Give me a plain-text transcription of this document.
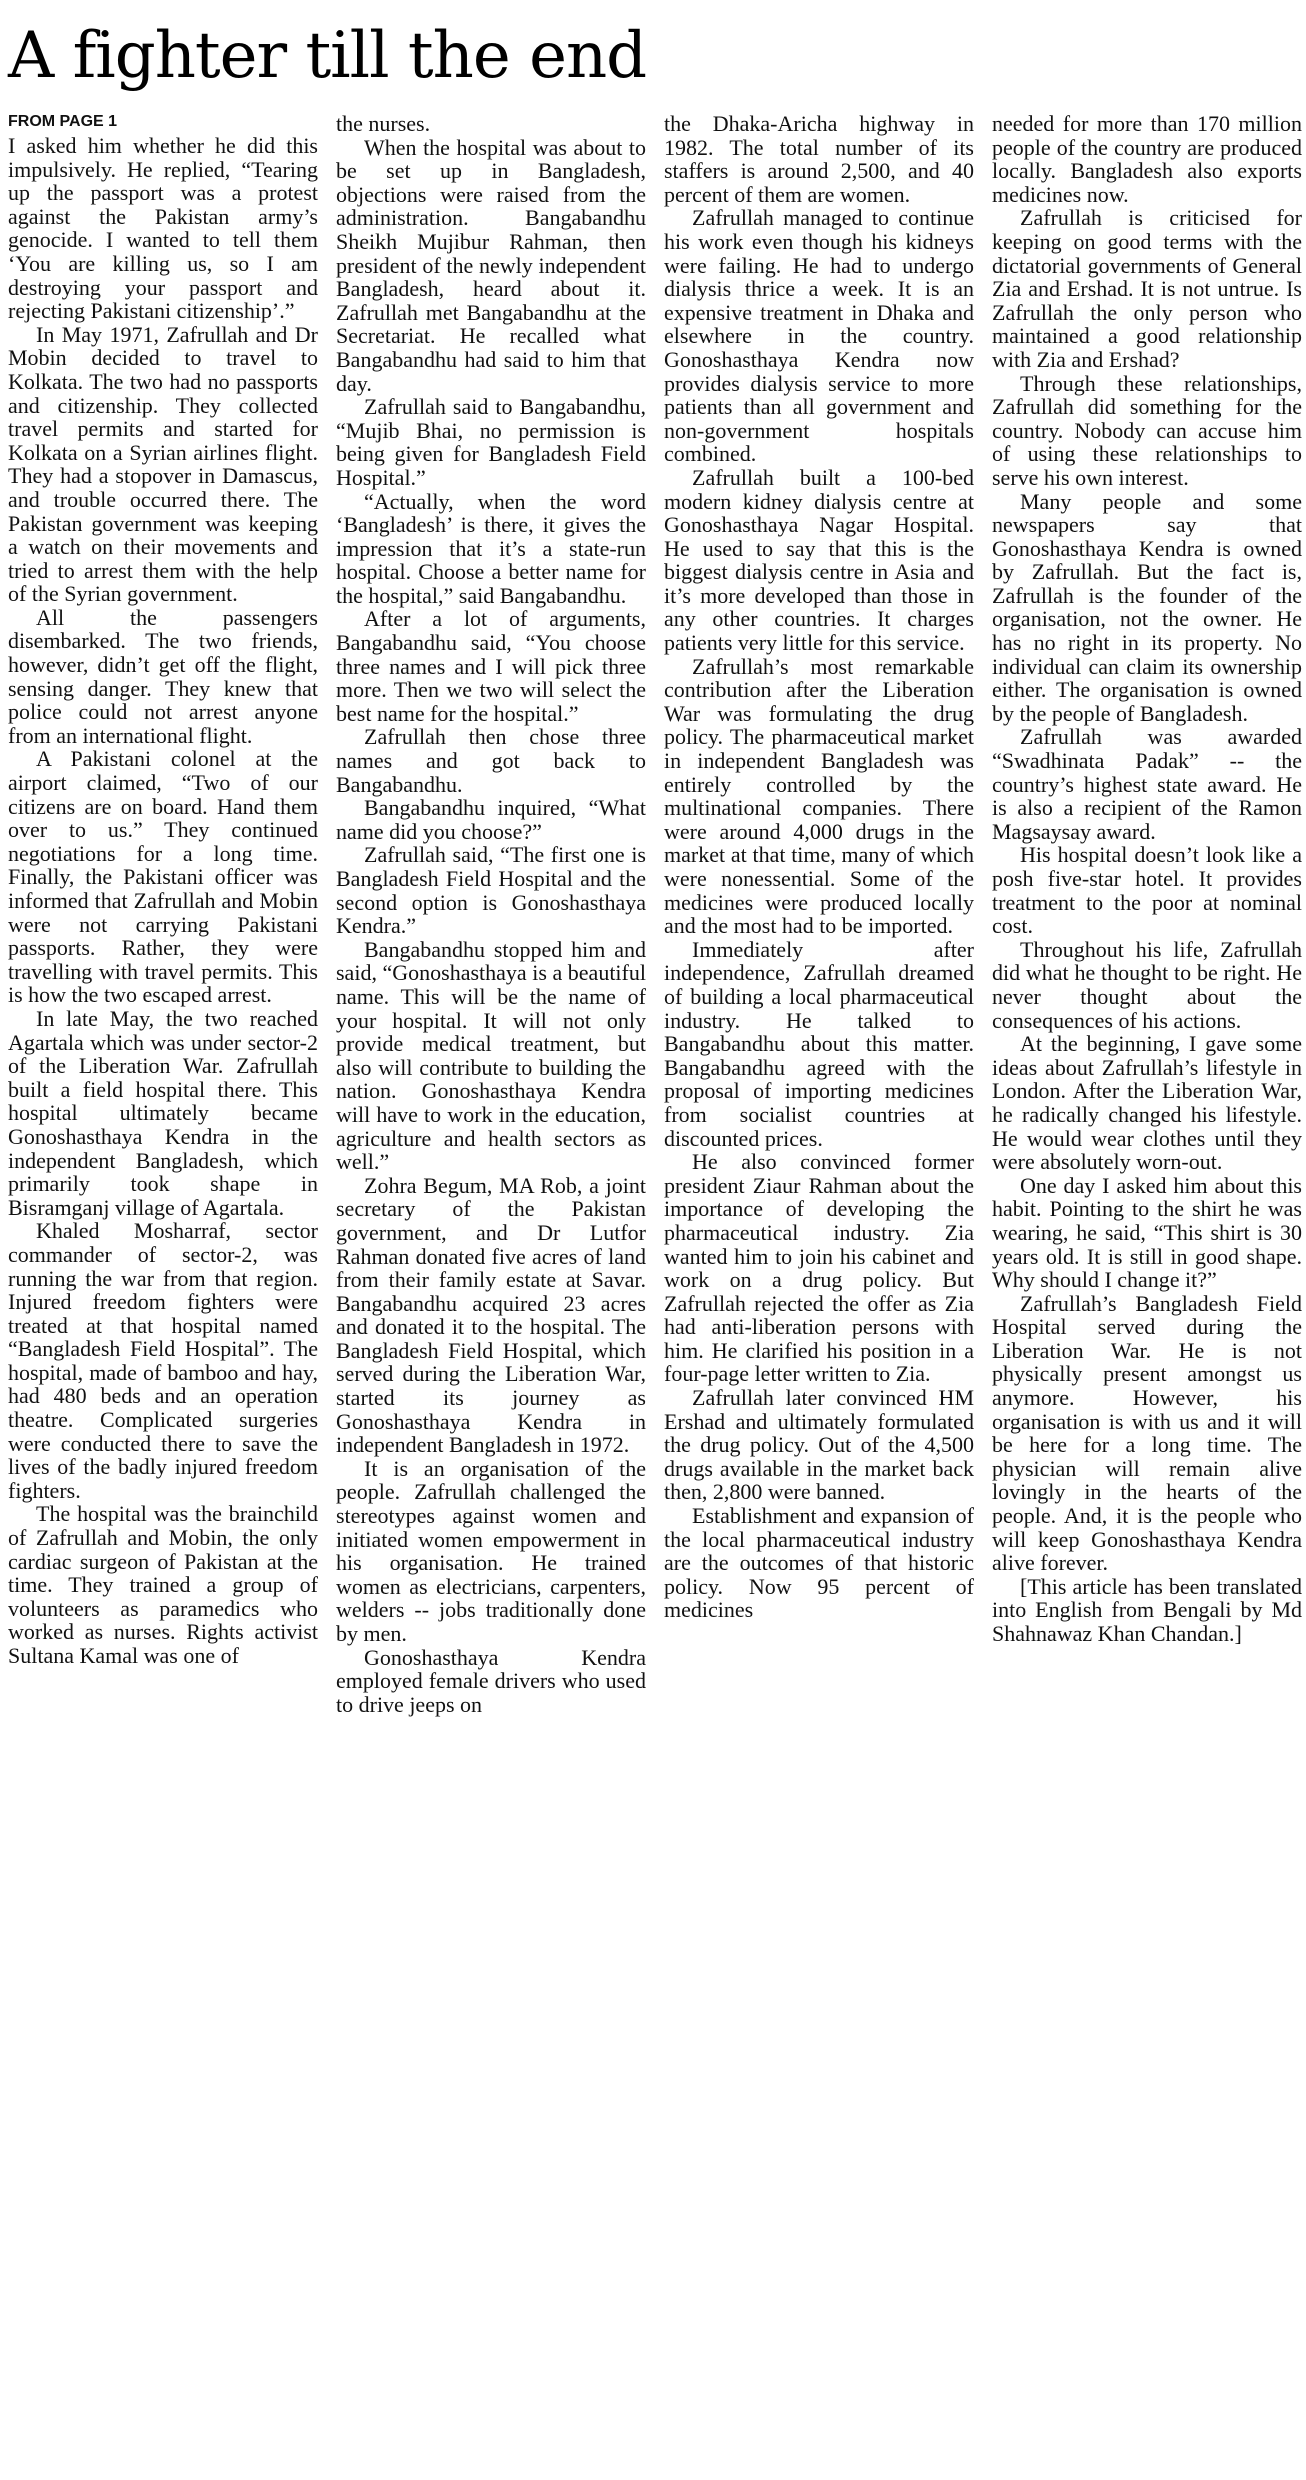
A fighter till the end
FROM PAGE 1

I asked him whether he did this impulsively. He replied, “Tearing up the passport was a protest against the Pakistan army’s genocide. I wanted to tell them ‘You are killing us, so I am destroying your passport and rejecting Pakistani citizenship’.”

In May 1971, Zafrullah and Dr Mobin decided to travel to Kolkata. The two had no passports and citizenship. They collected travel permits and started for Kolkata on a Syrian airlines flight. They had a stopover in Damascus, and trouble occurred there. The Pakistan government was keeping a watch on their movements and tried to arrest them with the help of the Syrian government.

All the passengers disembarked. The two friends, however, didn’t get off the flight, sensing danger. They knew that police could not arrest anyone from an international flight.

A Pakistani colonel at the airport claimed, “Two of our citizens are on board. Hand them over to us.” They continued negotiations for a long time. Finally, the Pakistani officer was informed that Zafrullah and Mobin were not carrying Pakistani passports. Rather, they were travelling with travel permits. This is how the two escaped arrest.

In late May, the two reached Agartala which was under sector-2 of the Liberation War. Zafrullah built a field hospital there. This hospital ultimately became Gonoshasthaya Kendra in the independent Bangladesh, which primarily took shape in Bisramganj village of Agartala.

Khaled Mosharraf, sector commander of sector-2, was running the war from that region. Injured freedom fighters were treated at that hospital named “Bangladesh Field Hospital”. The hospital, made of bamboo and hay, had 480 beds and an operation theatre. Complicated surgeries were conducted there to save the lives of the badly injured freedom fighters.

The hospital was the brainchild of Zafrullah and Mobin, the only cardiac surgeon of Pakistan at the time. They trained a group of volunteers as paramedics who worked as nurses. Rights activist Sultana Kamal was one of

the nurses.

When the hospital was about to be set up in Bangladesh, objections were raised from the administration. Bangabandhu Sheikh Mujibur Rahman, then president of the newly independent Bangladesh, heard about it. Zafrullah met Bangabandhu at the Secretariat. He recalled what Bangabandhu had said to him that day.

Zafrullah said to Bangabandhu, “Mujib Bhai, no permission is being given for Bangladesh Field Hospital.”

“Actually, when the word ‘Bangladesh’ is there, it gives the impression that it’s a state-run hospital. Choose a better name for the hospital,” said Bangabandhu.

After a lot of arguments, Bangabandhu said, “You choose three names and I will pick three more. Then we two will select the best name for the hospital.”

Zafrullah then chose three names and got back to Bangabandhu.

Bangabandhu inquired, “What name did you choose?”

Zafrullah said, “The first one is Bangladesh Field Hospital and the second option is Gonoshasthaya Kendra.”

Bangabandhu stopped him and said, “Gonoshasthaya is a beautiful name. This will be the name of your hospital. It will not only provide medical treatment, but also will contribute to building the nation. Gonoshasthaya Kendra will have to work in the education, agriculture and health sectors as well.”

Zohra Begum, MA Rob, a joint secretary of the Pakistan government, and Dr Lutfor Rahman donated five acres of land from their family estate at Savar. Bangabandhu acquired 23 acres and donated it to the hospital. The Bangladesh Field Hospital, which served during the Liberation War, started its journey as Gonoshasthaya Kendra in independent Bangladesh in 1972.

It is an organisation of the people. Zafrullah challenged the stereotypes against women and initiated women empowerment in his organisation. He trained women as electricians, carpenters, welders -- jobs traditionally done by men.

Gonoshasthaya Kendra employed female drivers who used to drive jeeps on

the Dhaka-Aricha highway in 1982. The total number of its staffers is around 2,500, and 40 percent of them are women.

Zafrullah managed to continue his work even though his kidneys were failing. He had to undergo dialysis thrice a week. It is an expensive treatment in Dhaka and elsewhere in the country. Gonoshasthaya Kendra now provides dialysis service to more patients than all government and non-government hospitals combined.

Zafrullah built a 100-bed modern kidney dialysis centre at Gonoshasthaya Nagar Hospital. He used to say that this is the biggest dialysis centre in Asia and it’s more developed than those in any other countries. It charges patients very little for this service.

Zafrullah’s most remarkable contribution after the Liberation War was formulating the drug policy. The pharmaceutical market in independent Bangladesh was entirely controlled by the multinational companies. There were around 4,000 drugs in the market at that time, many of which were nonessential. Some of the medicines were produced locally and the most had to be imported.

Immediately after independence, Zafrullah dreamed of building a local pharmaceutical industry. He talked to Bangabandhu about this matter. Bangabandhu agreed with the proposal of importing medicines from socialist countries at discounted prices.

He also convinced former president Ziaur Rahman about the importance of developing the pharmaceutical industry. Zia wanted him to join his cabinet and work on a drug policy. But Zafrullah rejected the offer as Zia had anti-liberation persons with him. He clarified his position in a four-page letter written to Zia.

Zafrullah later convinced HM Ershad and ultimately formulated the drug policy. Out of the 4,500 drugs available in the market back then, 2,800 were banned.

Establishment and expansion of the local pharmaceutical industry are the outcomes of that historic policy. Now 95 percent of medicines

needed for more than 170 million people of the country are produced locally. Bangladesh also exports medicines now.

Zafrullah is criticised for keeping on good terms with the dictatorial governments of General Zia and Ershad. It is not untrue. Is Zafrullah the only person who maintained a good relationship with Zia and Ershad?

Through these relationships, Zafrullah did something for the country. Nobody can accuse him of using these relationships to serve his own interest.

Many people and some newspapers say that Gonoshasthaya Kendra is owned by Zafrullah. But the fact is, Zafrullah is the founder of the organisation, not the owner. He has no right in its property. No individual can claim its ownership either. The organisation is owned by the people of Bangladesh.

Zafrullah was awarded “Swadhinata Padak” -- the country’s highest state award. He is also a recipient of the Ramon Magsaysay award.

His hospital doesn’t look like a posh five-star hotel. It provides treatment to the poor at nominal cost.

Throughout his life, Zafrullah did what he thought to be right. He never thought about the consequences of his actions.

At the beginning, I gave some ideas about Zafrullah’s lifestyle in London. After the Liberation War, he radically changed his lifestyle. He would wear clothes until they were absolutely worn-out.

One day I asked him about this habit. Pointing to the shirt he was wearing, he said, “This shirt is 30 years old. It is still in good shape. Why should I change it?”

Zafrullah’s Bangladesh Field Hospital served during the Liberation War. He is not physically present amongst us anymore. However, his organisation is with us and it will be here for a long time. The physician will remain alive lovingly in the hearts of the people. And, it is the people who will keep Gonoshasthaya Kendra alive forever.

[This article has been translated into English from Bengali by Md Shahnawaz Khan Chandan.]
